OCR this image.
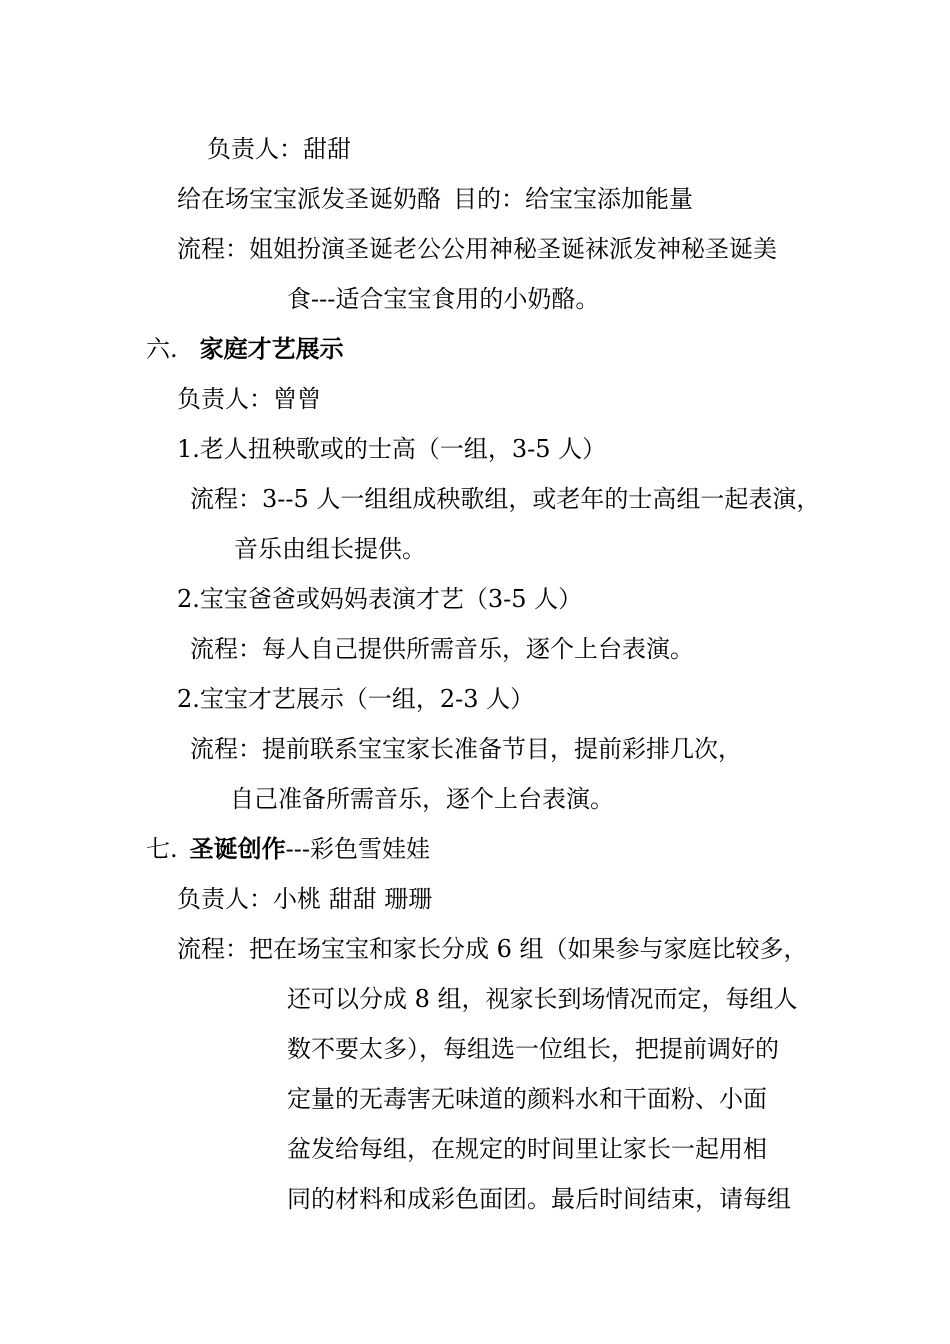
负责人：甜甜
给在场宝宝派发圣诞奶酪 目的：给宝宝添加能量
流程：姐姐扮演圣诞老公公用神秘圣诞袜派发神秘圣诞美
食---适合宝宝食用的小奶酪。
六. 家庭才艺展示
负责人：曾曾
1.老人扭秧歌或的士高（一组，3-5 人）
流程：3--5 人一组组成秧歌组，或老年的士高组一起表演，
音乐由组长提供。
2.宝宝爸爸或妈妈表演才艺（3-5 人）
流程：每人自己提供所需音乐，逐个上台表演。
2.宝宝才艺展示（一组，2-3 人）
流程：提前联系宝宝家长准备节目，提前彩排几次，
自己准备所需音乐，逐个上台表演。
七. 圣诞创作---彩色雪娃娃
负责人：小桃 甜甜 珊珊
流程：把在场宝宝和家长分成 6 组（如果参与家庭比较多，
还可以分成 8 组，视家长到场情况而定，每组人
数不要太多），每组选一位组长，把提前调好的
定量的无毒害无味道的颜料水和干面粉、小面
盆发给每组，在规定的时间里让家长一起用相
同的材料和成彩色面团。最后时间结束，请每组
